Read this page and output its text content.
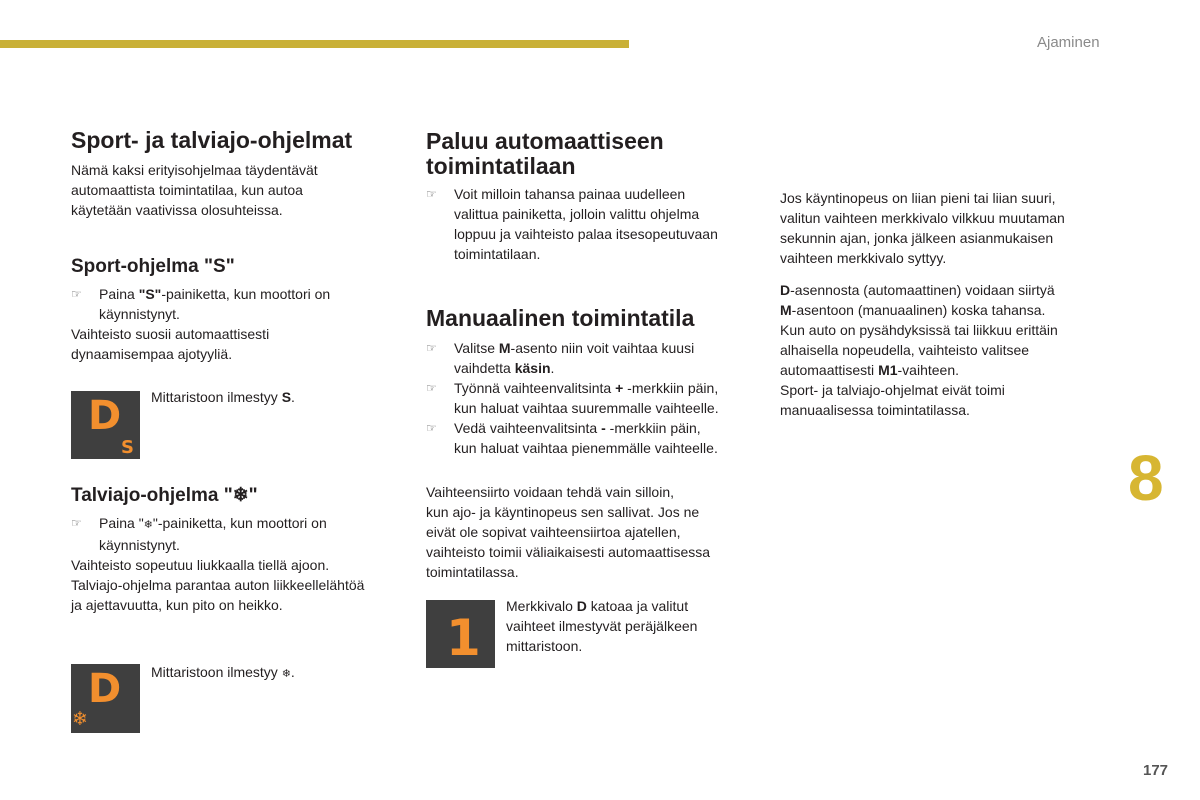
Ajaminen
8
177
Sport- ja talviajo-ohjelmat

Nämä kaksi erityisohjelmaa täydentävät

automaattista toimintatilaa, kun autoa

käytetään vaativissa olosuhteissa.

Sport-ohjelma "S"
☞ Paina "S"-painiketta, kun moottori on

käynnistynyt.

Vaihteisto suosii automaattisesti

dynaamisempaa ajotyyliä.

D
S
Mittaristoon ilmestyy S.
Talviajo-ohjelma "❄"
☞ Paina "❄"-painiketta, kun moottori on

käynnistynyt.

Vaihteisto sopeutuu liukkaalla tiellä ajoon.

Talviajo-ohjelma parantaa auton liikkeellelähtöä

ja ajettavuutta, kun pito on heikko.

D
❄
Mittaristoon ilmestyy ❄.
Paluu automaattiseen
toimintatilaan
☞ Voit milloin tahansa painaa uudelleen

valittua painiketta, jolloin valittu ohjelma

loppuu ja vaihteisto palaa itsesopeutuvaan

toimintatilaan.

Manuaalinen toimintatila
☞ Valitse M-asento niin voit vaihtaa kuusi

vaihdetta käsin.

☞ Työnnä vaihteenvalitsinta + -merkkiin päin,

kun haluat vaihtaa suuremmalle vaihteelle.

☞ Vedä vaihteenvalitsinta - -merkkiin päin,

kun haluat vaihtaa pienemmälle vaihteelle.

Vaihteensiirto voidaan tehdä vain silloin,

kun ajo- ja käyntinopeus sen sallivat. Jos ne

eivät ole sopivat vaihteensiirtoa ajatellen,

vaihteisto toimii väliaikaisesti automaattisessa

toimintatilassa.

1

Merkkivalo D katoaa ja valitut

vaihteet ilmestyvät peräjälkeen

mittaristoon.

Jos käyntinopeus on liian pieni tai liian suuri,

valitun vaihteen merkkivalo vilkkuu muutaman

sekunnin ajan, jonka jälkeen asianmukaisen

vaihteen merkkivalo syttyy.

D-asennosta (automaattinen) voidaan siirtyä

M-asentoon (manuaalinen) koska tahansa.

Kun auto on pysähdyksissä tai liikkuu erittäin

alhaisella nopeudella, vaihteisto valitsee

automaattisesti M1-vaihteen.

Sport- ja talviajo-ohjelmat eivät toimi

manuaalisessa toimintatilassa.
